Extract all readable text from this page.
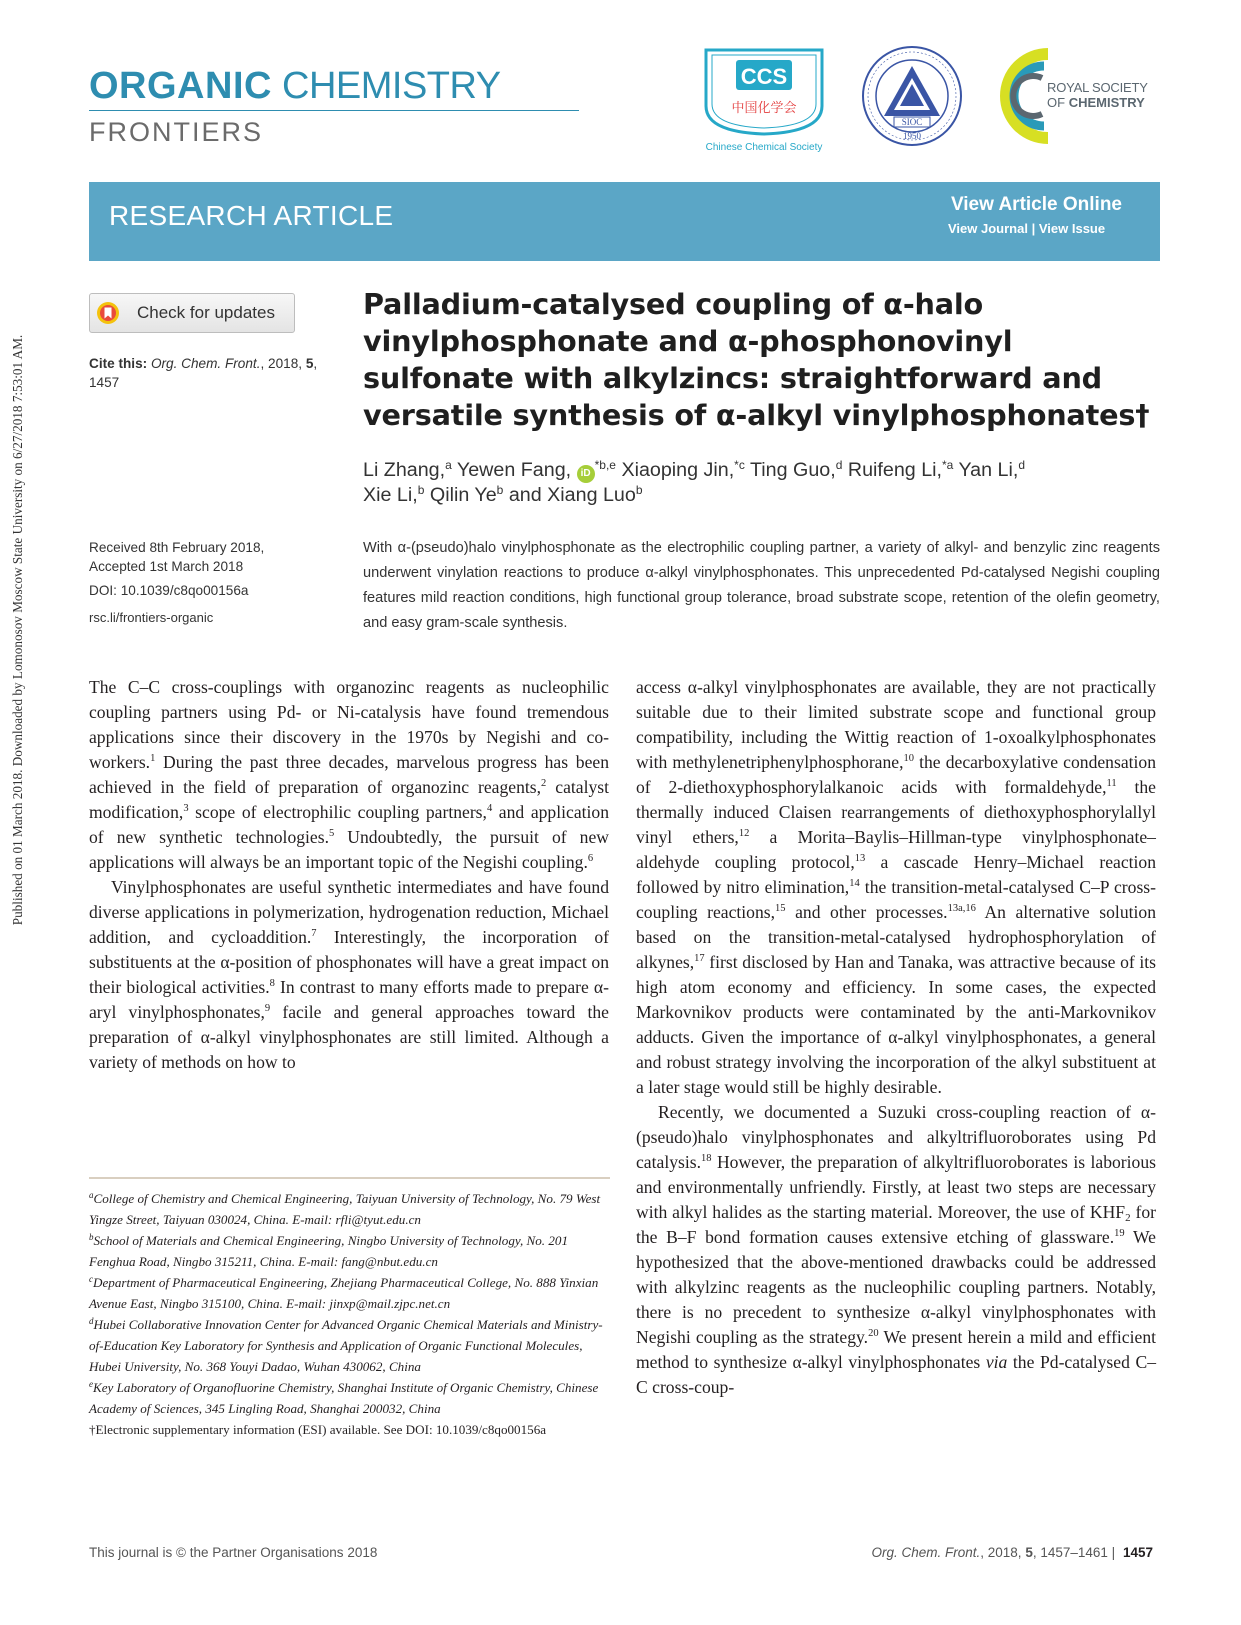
Published on 01 March 2018. Downloaded by Lomonosov Moscow State University on 6/27/2018 7:53:01 AM.
ORGANIC CHEMISTRY
FRONTIERS
CCS
中国化学会
Chinese Chemical Society
SIOC
1950
ROYAL SOCIETY
OF CHEMISTRY
RESEARCH ARTICLE	View Article Online
View Journal | View Issue
Check for updates
Cite this: Org. Chem. Front., 2018, 5, 1457
Palladium-catalysed coupling of α-halo
vinylphosphonate and α-phosphonovinyl
sulfonate with alkylzincs: straightforward and
versatile synthesis of α-alkyl vinylphosphonates†
Li Zhang,$^a$ Yewen Fang, iD$^{*b,e}$ Xiaoping Jin,$^{*c}$ Ting Guo,$^d$ Ruifeng Li,$^{*a}$ Yan Li,$^d$
Xie Li,$^b$ Qilin Ye$^b$ and Xiang Luo$^b$
Received 8th February 2018,
Accepted 1st March 2018
DOI: 10.1039/c8qo00156a
rsc.li/frontiers-organic
With α-(pseudo)halo vinylphosphonate as the electrophilic coupling partner, a variety of alkyl- and benzylic zinc reagents underwent vinylation reactions to produce α-alkyl vinylphosphonates. This unprecedented Pd-catalysed Negishi coupling features mild reaction conditions, high functional group tolerance, broad substrate scope, retention of the olefin geometry, and easy gram-scale synthesis.

The C–C cross-couplings with organozinc reagents as nucleophilic coupling partners using Pd- or Ni-catalysis have found tremendous applications since their discovery in the 1970s by Negishi and co-workers.$^1$ During the past three decades, marvelous progress has been achieved in the field of preparation of organozinc reagents,$^2$ catalyst modification,$^3$ scope of electrophilic coupling partners,$^4$ and application of new synthetic technologies.$^5$ Undoubtedly, the pursuit of new applications will always be an important topic of the Negishi coupling.$^6$

Vinylphosphonates are useful synthetic intermediates and have found diverse applications in polymerization, hydrogenation reduction, Michael addition, and cycloaddition.$^7$ Interestingly, the incorporation of substituents at the α-position of phosphonates will have a great impact on their biological activities.$^8$ In contrast to many efforts made to prepare α-aryl vinylphosphonates,$^9$ facile and general approaches toward the preparation of α-alkyl vinylphosphonates are still limited. Although a variety of methods on how to

access α-alkyl vinylphosphonates are available, they are not practically suitable due to their limited substrate scope and functional group compatibility, including the Wittig reaction of 1-oxoalkylphosphonates with methylenetriphenylphosphorane,$^{10}$ the decarboxylative condensation of 2-diethoxyphosphorylalkanoic acids with formaldehyde,$^{11}$ the thermally induced Claisen rearrangements of diethoxyphosphorylallyl vinyl ethers,$^{12}$ a Morita–Baylis–Hillman-type vinylphosphonate–aldehyde coupling protocol,$^{13}$ a cascade Henry–Michael reaction followed by nitro elimination,$^{14}$ the transition-metal-catalysed C–P cross-coupling reactions,$^{15}$ and other processes.$^{13a,16}$ An alternative solution based on the transition-metal-catalysed hydrophosphorylation of alkynes,$^{17}$ first disclosed by Han and Tanaka, was attractive because of its high atom economy and efficiency. In some cases, the expected Markovnikov products were contaminated by the anti-Markovnikov adducts. Given the importance of α-alkyl vinylphosphonates, a general and robust strategy involving the incorporation of the alkyl substituent at a later stage would still be highly desirable.

Recently, we documented a Suzuki cross-coupling reaction of α-(pseudo)halo vinylphosphonates and alkyltrifluoroborates using Pd catalysis.$^{18}$ However, the preparation of alkyltrifluoroborates is laborious and environmentally unfriendly. Firstly, at least two steps are necessary with alkyl halides as the starting material. Moreover, the use of $KHF_2$ for the B–F bond formation causes extensive etching of glassware.$^{19}$ We hypothesized that the above-mentioned drawbacks could be addressed with alkylzinc reagents as the nucleophilic coupling partners. Notably, there is no precedent to synthesize α-alkyl vinylphosphonates with Negishi coupling as the strategy.$^{20}$ We present herein a mild and efficient method to synthesize α-alkyl vinylphosphonates via the Pd-catalysed C–C cross-coup-

$^a$College of Chemistry and Chemical Engineering, Taiyuan University of Technology, No. 79 West Yingze Street, Taiyuan 030024, China. E-mail: rfli@tyut.edu.cn

$^b$School of Materials and Chemical Engineering, Ningbo University of Technology, No. 201 Fenghua Road, Ningbo 315211, China. E-mail: fang@nbut.edu.cn

$^c$Department of Pharmaceutical Engineering, Zhejiang Pharmaceutical College, No. 888 Yinxian Avenue East, Ningbo 315100, China. E-mail: jinxp@mail.zjpc.net.cn

$^d$Hubei Collaborative Innovation Center for Advanced Organic Chemical Materials and Ministry-of-Education Key Laboratory for Synthesis and Application of Organic Functional Molecules, Hubei University, No. 368 Youyi Dadao, Wuhan 430062, China

$^e$Key Laboratory of Organofluorine Chemistry, Shanghai Institute of Organic Chemistry, Chinese Academy of Sciences, 345 Lingling Road, Shanghai 200032, China

†Electronic supplementary information (ESI) available. See DOI: 10.1039/c8qo00156a

This journal is © the Partner Organisations 2018	Org. Chem. Front., 2018, 5, 1457–1461 | 1457
